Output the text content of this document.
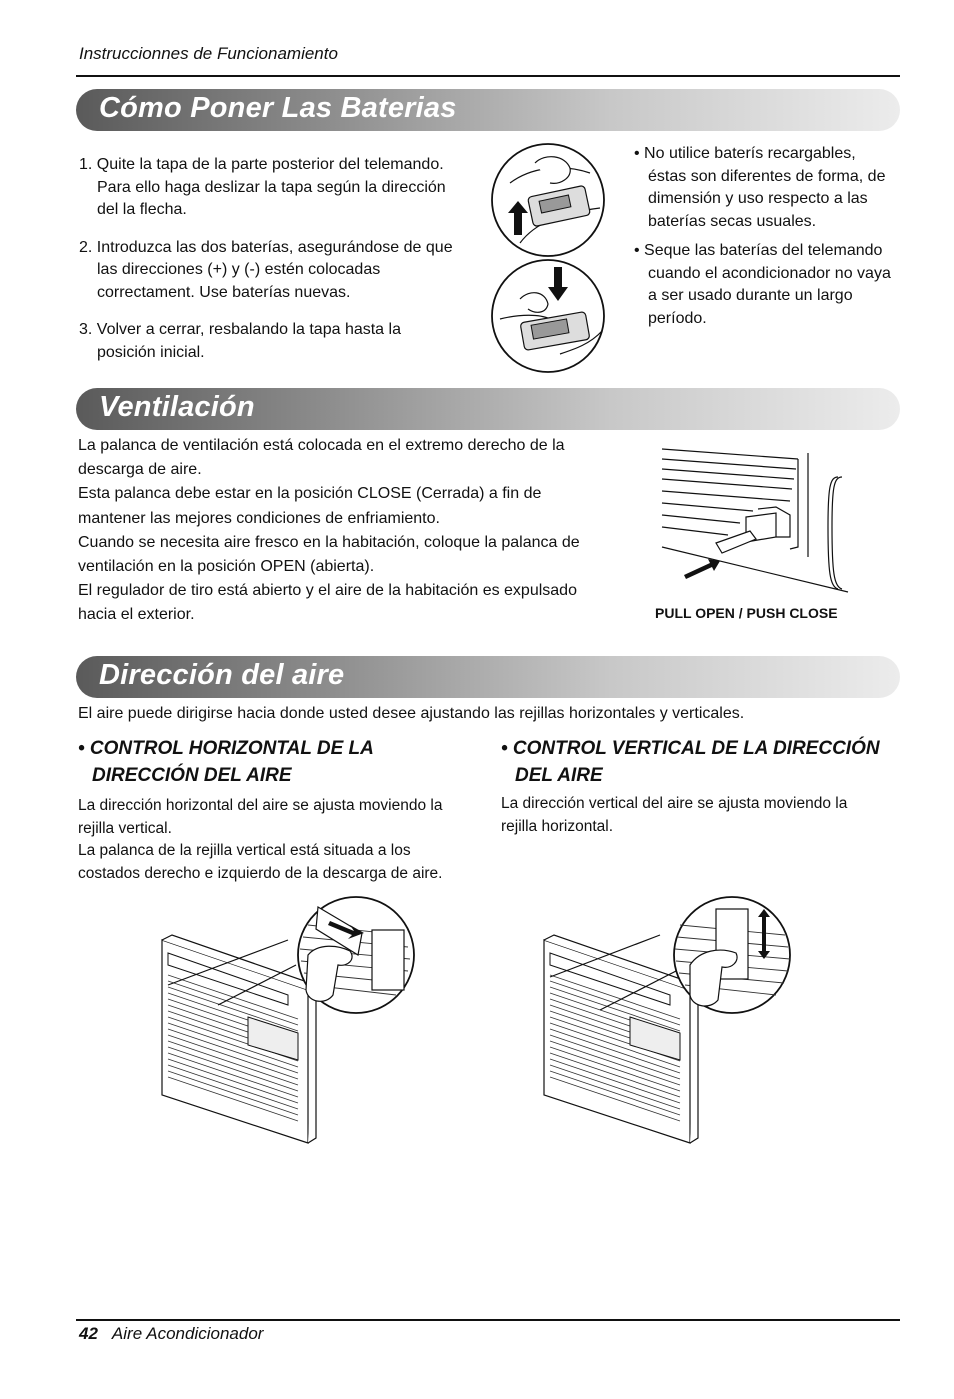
Instruccionnes de Funcionamiento
Cómo Poner Las Baterias
1. Quite la tapa de la parte posterior del telemando. Para ello haga deslizar la tapa según la dirección del la flecha.
2. Introduzca las dos baterías, asegurándose de que las direcciones (+) y (-) estén colocadas correctament. Use baterías nuevas.
3. Volver a cerrar, resbalando la tapa hasta la posición inicial.
• No utilice baterís recargables, éstas son diferentes de forma, de dimensión y uso respecto a las baterías secas usuales.
• Seque las baterías del telemando cuando el acondicionador no vaya a ser usado durante un largo período.
Ventilación
La palanca de ventilación está colocada en el extremo derecho de la descarga de aire.
Esta palanca debe estar en la posición CLOSE (Cerrada) a fin de mantener las mejores condiciones de enfriamiento.
Cuando se necesita aire fresco en la habitación, coloque la palanca de ventilación en la posición OPEN (abierta).
El regulador de tiro está abierto y el aire de la habitación es expulsado hacia el exterior.	PULL OPEN / PUSH CLOSE
Dirección del aire
El aire puede dirigirse hacia donde usted desee ajustando las rejillas horizontales y verticales.
• CONTROL HORIZONTAL DE LA DIRECCIÓN DEL AIRE
La dirección horizontal del aire se ajusta moviendo la rejilla vertical.
La palanca de la rejilla vertical está situada a los costados derecho e izquierdo de la descarga de aire.
• CONTROL VERTICAL DE LA DIRECCIÓN DEL AIRE
La dirección vertical del aire se ajusta moviendo la rejilla horizontal.
42 Aire Acondicionador
